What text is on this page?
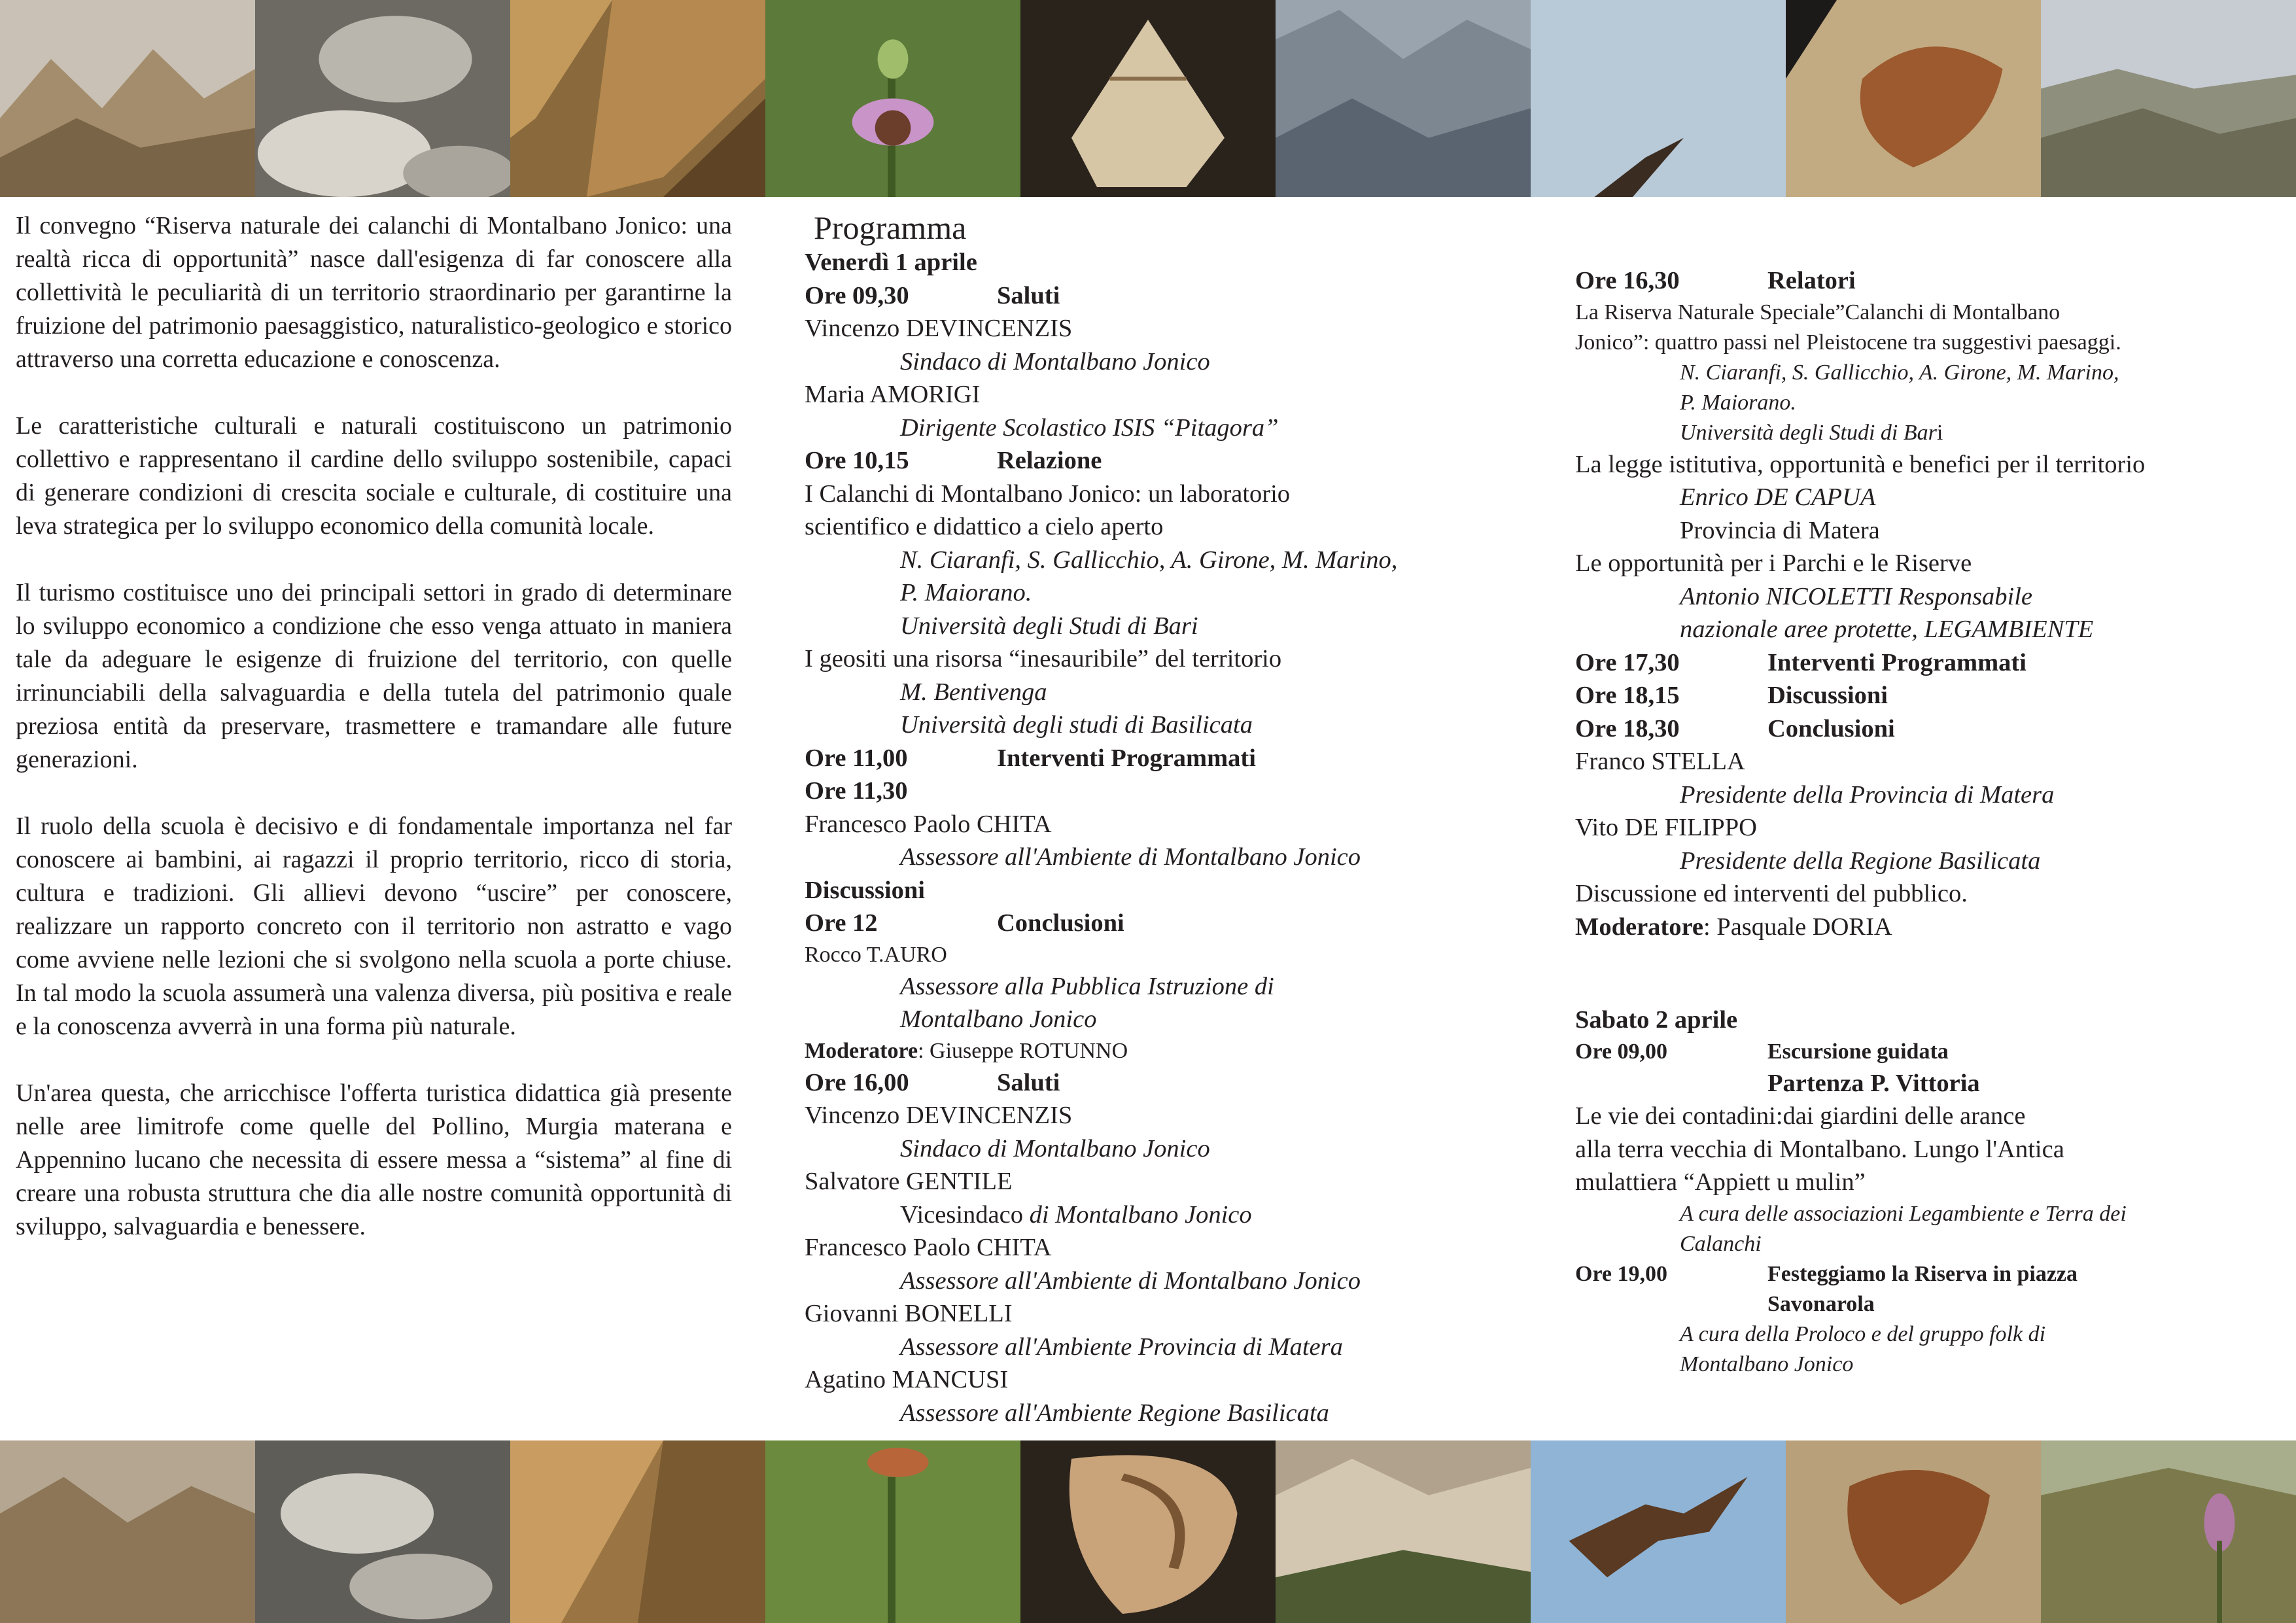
Il convegno “Riserva naturale dei calanchi di Montalbano Jonico: una realtà ricca di opportunità” nasce dall'esigenza di far conoscere alla collettività le peculiarità di un territorio straordinario per garantirne la fruizione del patrimonio paesaggistico, naturalistico-geologico e storico attraverso una corretta educazione e conoscenza.

Le caratteristiche culturali e naturali costituiscono un patrimonio collettivo e rappresentano il cardine dello sviluppo sostenibile, capaci di generare condizioni di crescita sociale e culturale, di costituire una leva strategica per lo sviluppo economico della comunità locale.

Il turismo costituisce uno dei principali settori in grado di determinare lo sviluppo economico a condizione che esso venga attuato in maniera tale da adeguare le esigenze di fruizione del territorio, con quelle irrinunciabili della salvaguardia e della tutela del patrimonio quale preziosa entità da preservare, trasmettere e tramandare alle future generazioni.

Il ruolo della scuola è decisivo e di fondamentale importanza nel far conoscere ai bambini, ai ragazzi il proprio territorio, ricco di storia, cultura e tradizioni. Gli allievi devono “uscire” per conoscere, realizzare un rapporto concreto con il territorio non astratto e vago come avviene nelle lezioni che si svolgono nella scuola a porte chiuse. In tal modo la scuola assumerà una valenza diversa, più positiva e reale e la conoscenza avverrà in una forma più naturale.

Un'area questa, che arricchisce l'offerta turistica didattica già presente nelle aree limitrofe come quelle del Pollino, Murgia materana e Appennino lucano che necessita di essere messa a “sistema” al fine di creare una robusta struttura che dia alle nostre comunità opportunità di sviluppo, salvaguardia e benessere.

Programma
Venerdì 1 aprile
Ore 09,30	Saluti
Vincenzo DEVINCENZIS
Sindaco di Montalbano Jonico
Maria AMORIGI
Dirigente Scolastico ISIS “Pitagora”
Ore 10,15	Relazione
I Calanchi di Montalbano Jonico: un laboratorio
scientifico e didattico a cielo aperto
N. Ciaranfi, S. Gallicchio, A. Girone, M. Marino,
P. Maiorano.
Università degli Studi di Bari
I geositi una risorsa “inesauribile” del territorio
M. Bentivenga
Università degli studi di Basilicata
Ore 11,00	Interventi Programmati
Ore 11,30
Francesco Paolo CHITA
Assessore all'Ambiente di Montalbano Jonico
Discussioni
Ore 12	Conclusioni
Rocco T.AURO
Assessore alla Pubblica Istruzione di
Montalbano Jonico
Moderatore: Giuseppe ROTUNNO
Ore 16,00	Saluti
Vincenzo DEVINCENZIS
Sindaco di Montalbano Jonico
Salvatore GENTILE
Vicesindaco di Montalbano Jonico
Francesco Paolo CHITA
Assessore all'Ambiente di Montalbano Jonico
Giovanni BONELLI
Assessore all'Ambiente Provincia di Matera
Agatino MANCUSI
Assessore all'Ambiente Regione Basilicata
Ore 16,30	Relatori
La Riserva Naturale Speciale”Calanchi di Montalbano
Jonico”: quattro passi nel Pleistocene tra suggestivi paesaggi.
N. Ciaranfi, S. Gallicchio, A. Girone, M. Marino,
P. Maiorano.
Università degli Studi di Bari
La legge istitutiva, opportunità e benefici per il territorio
Enrico DE CAPUA
Provincia di Matera
Le opportunità per i Parchi e le Riserve
Antonio NICOLETTI Responsabile
nazionale aree protette, LEGAMBIENTE
Ore 17,30	Interventi Programmati
Ore 18,15	Discussioni
Ore 18,30	Conclusioni
Franco STELLA
Presidente della Provincia di Matera
Vito DE FILIPPO
Presidente della Regione Basilicata
Discussione ed interventi del pubblico.
Moderatore: Pasquale DORIA
Sabato 2 aprile
Ore 09,00	Escursione guidata
Partenza P. Vittoria
Le vie dei contadini:dai giardini delle arance
alla terra vecchia di Montalbano. Lungo l'Antica
mulattiera “Appiett u mulin”
A cura delle associazioni Legambiente e Terra dei
Calanchi
Ore 19,00	Festeggiamo la Riserva in piazza
Savonarola
A cura della Proloco e del gruppo folk di
Montalbano Jonico
